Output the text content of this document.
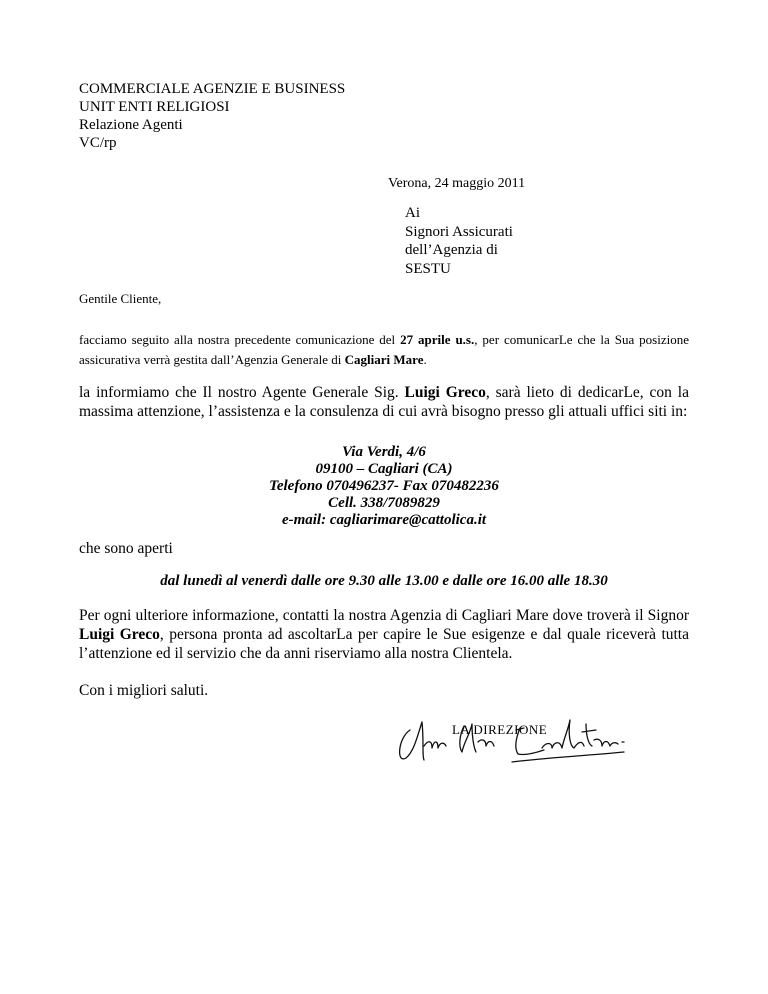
COMMERCIALE AGENZIE E BUSINESS
UNIT ENTI RELIGIOSI
Relazione Agenti
VC/rp
Verona, 24 maggio 2011
Ai
Signori Assicurati
dell’Agenzia di
SESTU
Gentile Cliente,

facciamo seguito alla nostra precedente comunicazione del 27 aprile u.s., per comunicarLe che la Sua posizione assicurativa verrà gestita dall’Agenzia Generale di Cagliari Mare.

la informiamo che Il nostro Agente Generale Sig. Luigi Greco, sarà lieto di dedicarLe, con la massima attenzione, l’assistenza e la consulenza di cui avrà bisogno presso gli attuali uffici siti in:

Via Verdi, 4/6
09100 – Cagliari (CA)
Telefono 070496237- Fax 070482236
Cell. 338/7089829
e-mail: cagliarimare@cattolica.it
che sono aperti
dal lunedì al venerdì dalle ore 9.30 alle 13.00 e dalle ore 16.00 alle 18.30

Per ogni ulteriore informazione, contatti la nostra Agenzia di Cagliari Mare dove troverà il Signor Luigi Greco, persona pronta ad ascoltarLa per capire le Sue esigenze e dal quale riceverà tutta l’attenzione ed il servizio che da anni riserviamo alla nostra Clientela.

Con i migliori saluti.
LA DIREZIONE
